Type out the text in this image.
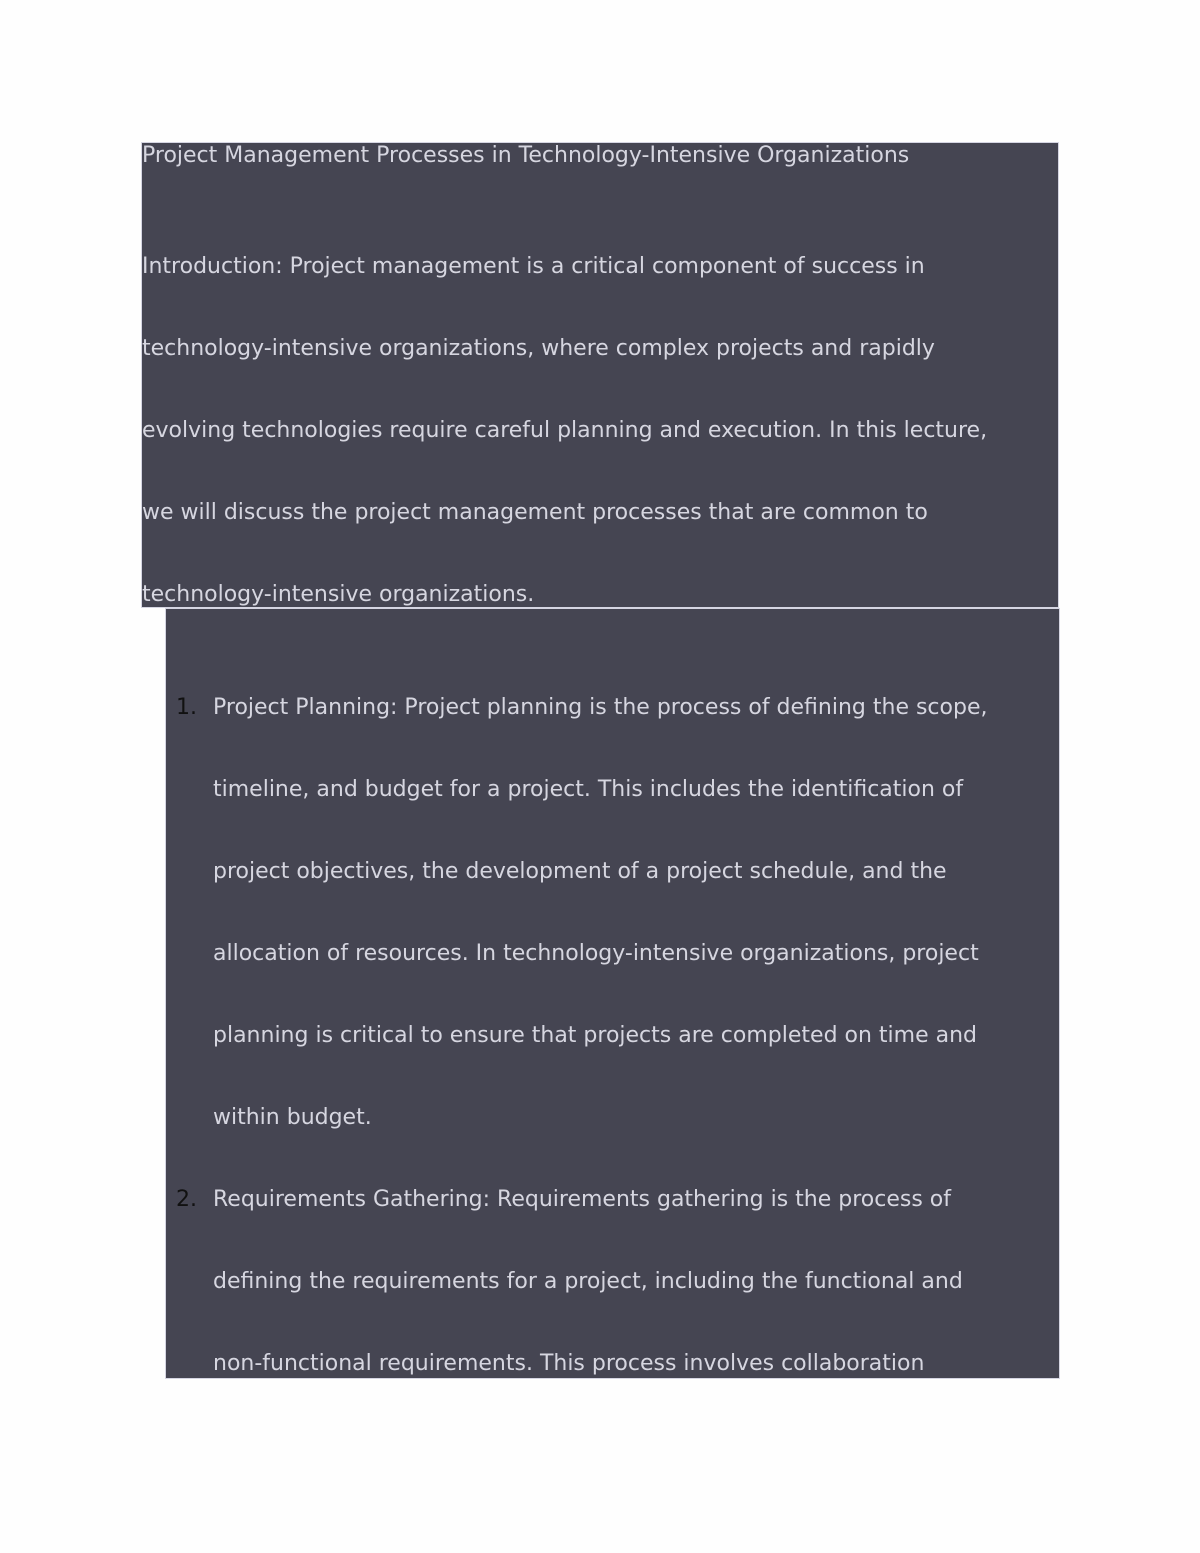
Project Management Processes in Technology-Intensive Organizations
Introduction: Project management is a critical component of success in
technology-intensive organizations, where complex projects and rapidly
evolving technologies require careful planning and execution. In this lecture,
we will discuss the project management processes that are common to
technology-intensive organizations.
1. Project Planning: Project planning is the process of defining the scope,
timeline, and budget for a project. This includes the identification of
project objectives, the development of a project schedule, and the
allocation of resources. In technology-intensive organizations, project
planning is critical to ensure that projects are completed on time and
within budget.
2. Requirements Gathering: Requirements gathering is the process of
defining the requirements for a project, including the functional and
non-functional requirements. This process involves collaboration
